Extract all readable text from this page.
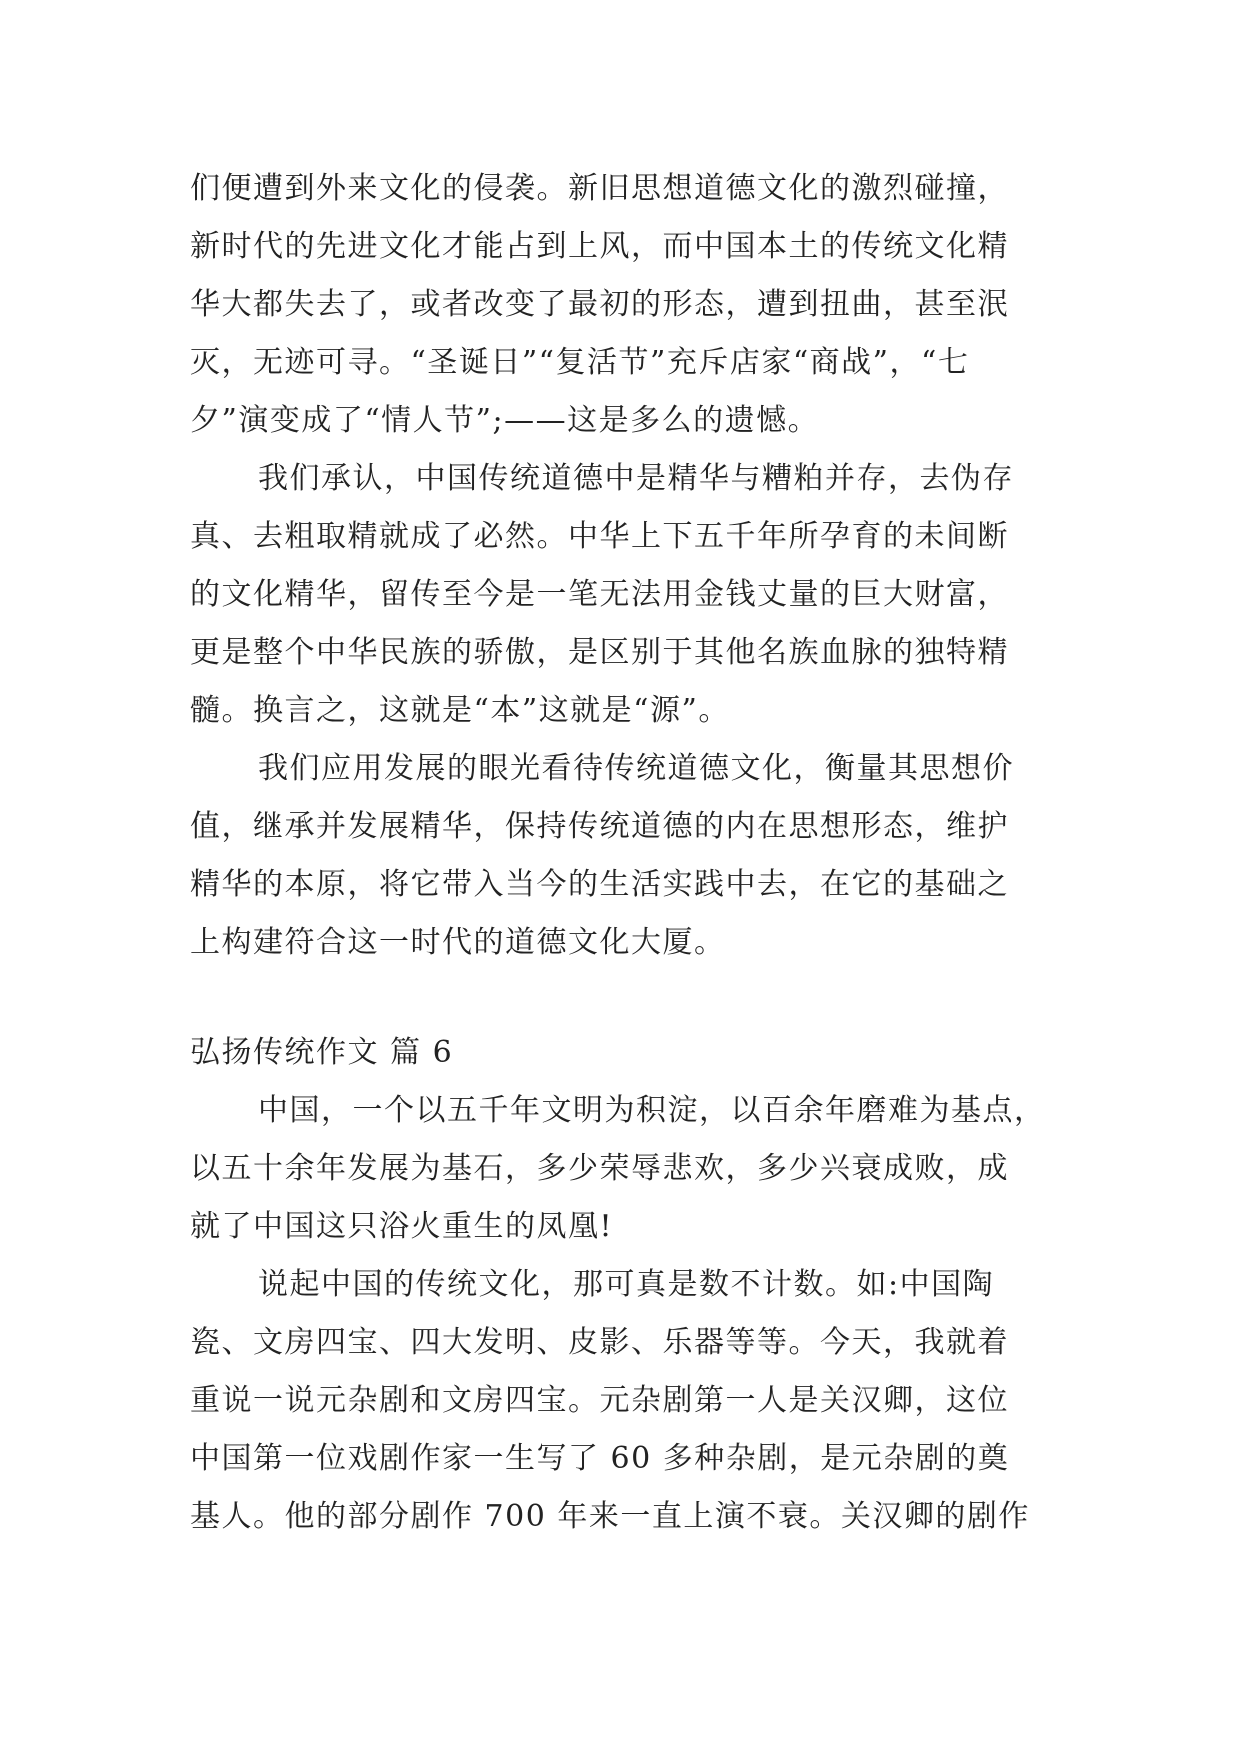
们便遭到外来文化的侵袭。新旧思想道德文化的激烈碰撞，
新时代的先进文化才能占到上风，而中国本土的传统文化精
华大都失去了，或者改变了最初的形态，遭到扭曲，甚至泯
灭，无迹可寻。“圣诞日”“复活节”充斥店家“商战”，“七
夕”演变成了“情人节”;——这是多么的遗憾。
我们承认，中国传统道德中是精华与糟粕并存，去伪存
真、去粗取精就成了必然。中华上下五千年所孕育的未间断
的文化精华，留传至今是一笔无法用金钱丈量的巨大财富，
更是整个中华民族的骄傲，是区别于其他名族血脉的独特精
髓。换言之，这就是“本”这就是“源”。
我们应用发展的眼光看待传统道德文化，衡量其思想价
值，继承并发展精华，保持传统道德的内在思想形态，维护
精华的本原，将它带入当今的生活实践中去，在它的基础之
上构建符合这一时代的道德文化大厦。
弘扬传统作文 篇 6
中国，一个以五千年文明为积淀，以百余年磨难为基点，
以五十余年发展为基石，多少荣辱悲欢，多少兴衰成败，成
就了中国这只浴火重生的凤凰!
说起中国的传统文化，那可真是数不计数。如:中国陶
瓷、文房四宝、四大发明、皮影、乐器等等。今天，我就着
重说一说元杂剧和文房四宝。元杂剧第一人是关汉卿，这位
中国第一位戏剧作家一生写了 60 多种杂剧，是元杂剧的奠
基人。他的部分剧作 700 年来一直上演不衰。关汉卿的剧作
